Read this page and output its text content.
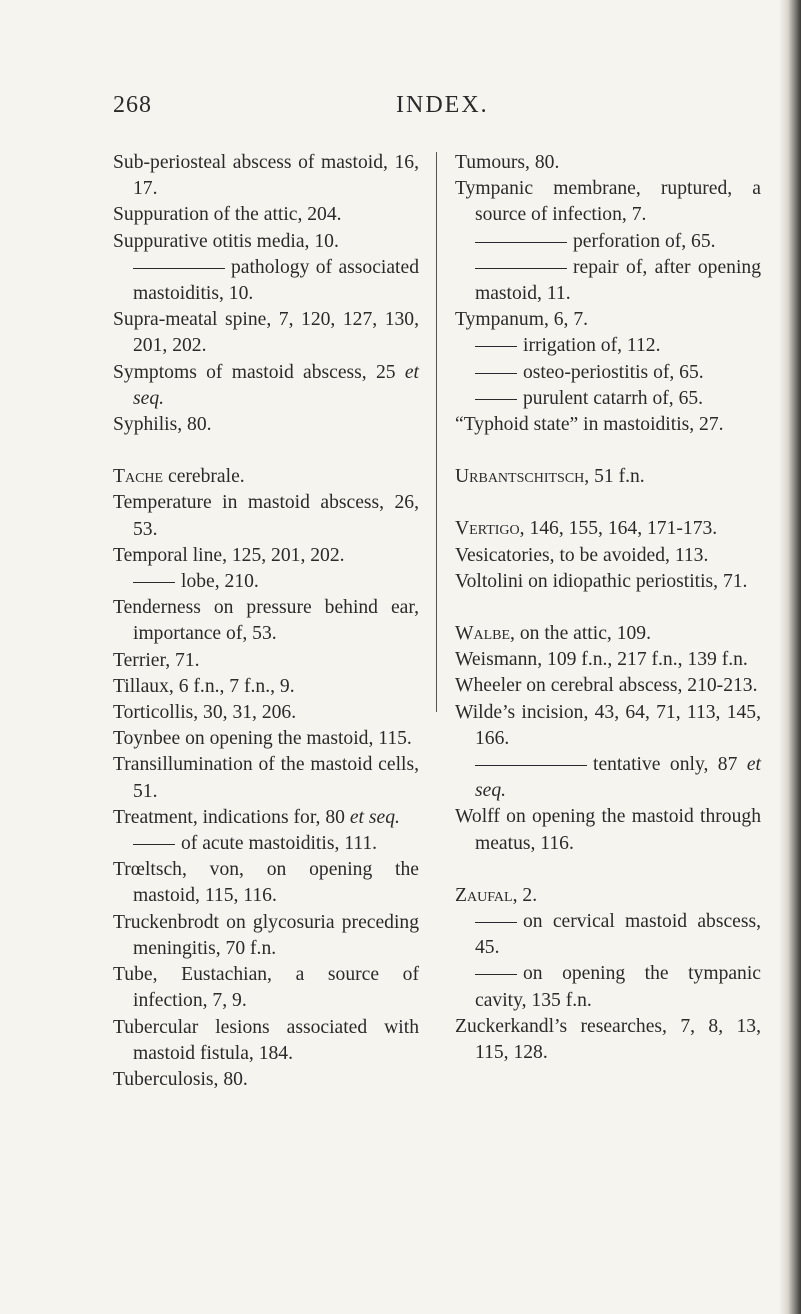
268	INDEX.
Sub-periosteal abscess of mastoid, 16, 17.
Suppuration of the attic, 204.
Suppurative otitis media, 10.
pathology of associated mastoiditis, 10.
Supra-meatal spine, 7, 120, 127, 130, 201, 202.
Symptoms of mastoid abscess, 25 et seq.
Syphilis, 80.
Tache cerebrale.
Temperature in mastoid abscess, 26, 53.
Temporal line, 125, 201, 202.
lobe, 210.
Tenderness on pressure behind ear, importance of, 53.
Terrier, 71.
Tillaux, 6 f.n., 7 f.n., 9.
Torticollis, 30, 31, 206.
Toynbee on opening the mastoid, 115.
Transillumination of the mastoid cells, 51.
Treatment, indications for, 80 et seq.
of acute mastoiditis, 111.
Trœltsch, von, on opening the mastoid, 115, 116.
Truckenbrodt on glycosuria preceding meningitis, 70 f.n.
Tube, Eustachian, a source of infection, 7, 9.
Tubercular lesions associated with mastoid fistula, 184.
Tuberculosis, 80.
Tumours, 80.
Tympanic membrane, ruptured, a source of infection, 7.
perforation of, 65.
repair of, after opening mastoid, 11.
Tympanum, 6, 7.
irrigation of, 112.
osteo-periostitis of, 65.
purulent catarrh of, 65.
“Typhoid state” in mastoiditis, 27.
Urbantschitsch, 51 f.n.
Vertigo, 146, 155, 164, 171-173.
Vesicatories, to be avoided, 113.
Voltolini on idiopathic periostitis, 71.
Walbe, on the attic, 109.
Weismann, 109 f.n., 217 f.n., 139 f.n.
Wheeler on cerebral abscess, 210-213.
Wilde’s incision, 43, 64, 71, 113, 145, 166.
tentative only, 87 et seq.
Wolff on opening the mastoid through meatus, 116.
Zaufal, 2.
on cervical mastoid abscess, 45.
on opening the tympanic cavity, 135 f.n.
Zuckerkandl’s researches, 7, 8, 13, 115, 128.
